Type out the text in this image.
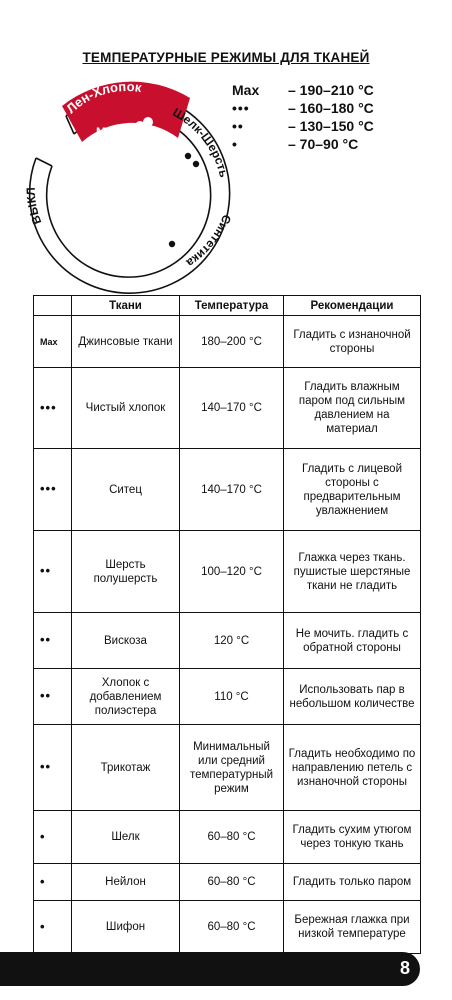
ТЕМПЕРАТУРНЫЕ РЕЖИМЫ ДЛЯ ТКАНЕЙ
Лен-Хлопок
MAX
ВЫКЛ
Шелк-Шерсть
Синтетика
Max	– 190–210 °C
•••	– 160–180 °C
••	– 130–150 °C
•	– 70–90 °C
	Ткани	Температура	Рекомендации
Max	Джинсовые ткани	180–200 °C	Гладить с изнаночной стороны
•••	Чистый хлопок	140–170 °C	Гладить влажным паром под сильным давлением на материал
•••	Ситец	140–170 °C	Гладить с лицевой стороны с предварительным увлажнением
••	Шерсть полушерсть	100–120 °C	Глажка через ткань. пушистые шерстяные ткани не гладить
••	Вискоза	120 °C	Не мочить. гладить с обратной стороны
••	Хлопок с добавлением полиэстера	110 °C	Использовать пар в небольшом количестве
••	Трикотаж	Минимальный или средний температурный режим	Гладить необходимо по направлению петель с изнаночной стороны
•	Шелк	60–80 °C	Гладить сухим утюгом через тонкую ткань
•	Нейлон	60–80 °C	Гладить только паром
•	Шифон	60–80 °C	Бережная глажка при низкой температуре
8
